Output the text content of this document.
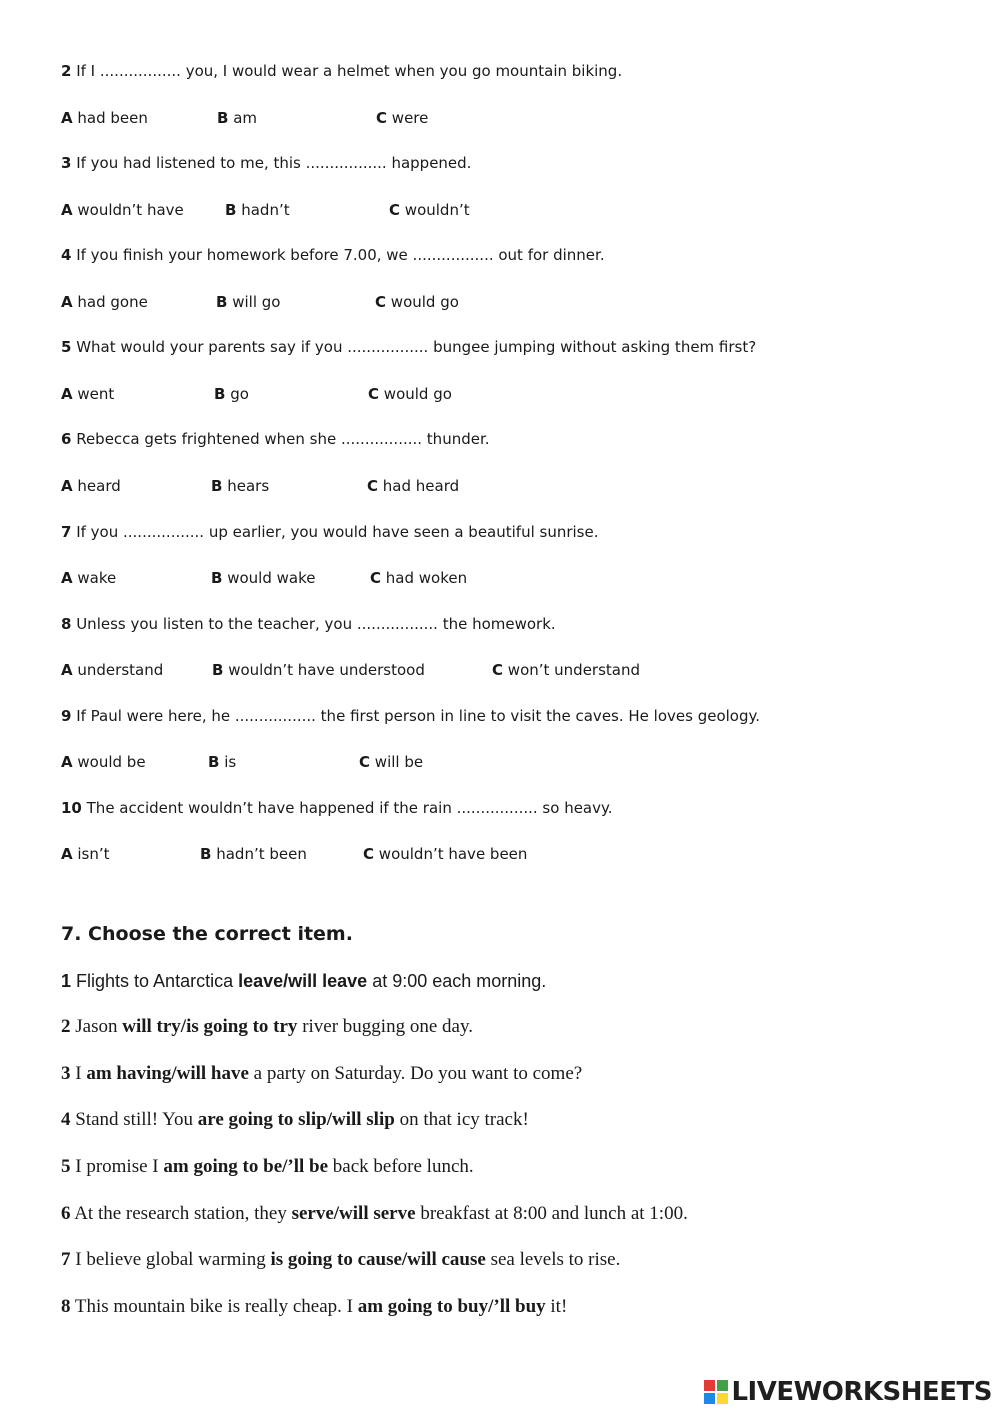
2 If I ................. you, I would wear a helmet when you go mountain biking.
A had been	B am	C were
3 If you had listened to me, this ................. happened.
A wouldn’t have	B hadn’t	C wouldn’t
4 If you finish your homework before 7.00, we ................. out for dinner.
A had gone	B will go	C would go
5 What would your parents say if you ................. bungee jumping without asking them first?
A went	B go	C would go
6 Rebecca gets frightened when she ................. thunder.
A heard	B hears	C had heard
7 If you ................. up earlier, you would have seen a beautiful sunrise.
A wake	B would wake	C had woken
8 Unless you listen to the teacher, you ................. the homework.
A understand	B wouldn’t have understood	C won’t understand
9 If Paul were here, he ................. the first person in line to visit the caves. He loves geology.
A would be	B is	C will be
10 The accident wouldn’t have happened if the rain ................. so heavy.
A isn’t	B hadn’t been	C wouldn’t have been
7. Choose the correct item.
1 Flights to Antarctica leave/will leave at 9:00 each morning.
2 Jason will try/is going to try river bugging one day.
3 I am having/will have a party on Saturday. Do you want to come?
4 Stand still! You are going to slip/will slip on that icy track!
5 I promise I am going to be/’ll be back before lunch.
6 At the research station, they serve/will serve breakfast at 8:00 and lunch at 1:00.
7 I believe global warming is going to cause/will cause sea levels to rise.
8 This mountain bike is really cheap. I am going to buy/’ll buy it!
LIVEWORKSHEETS
